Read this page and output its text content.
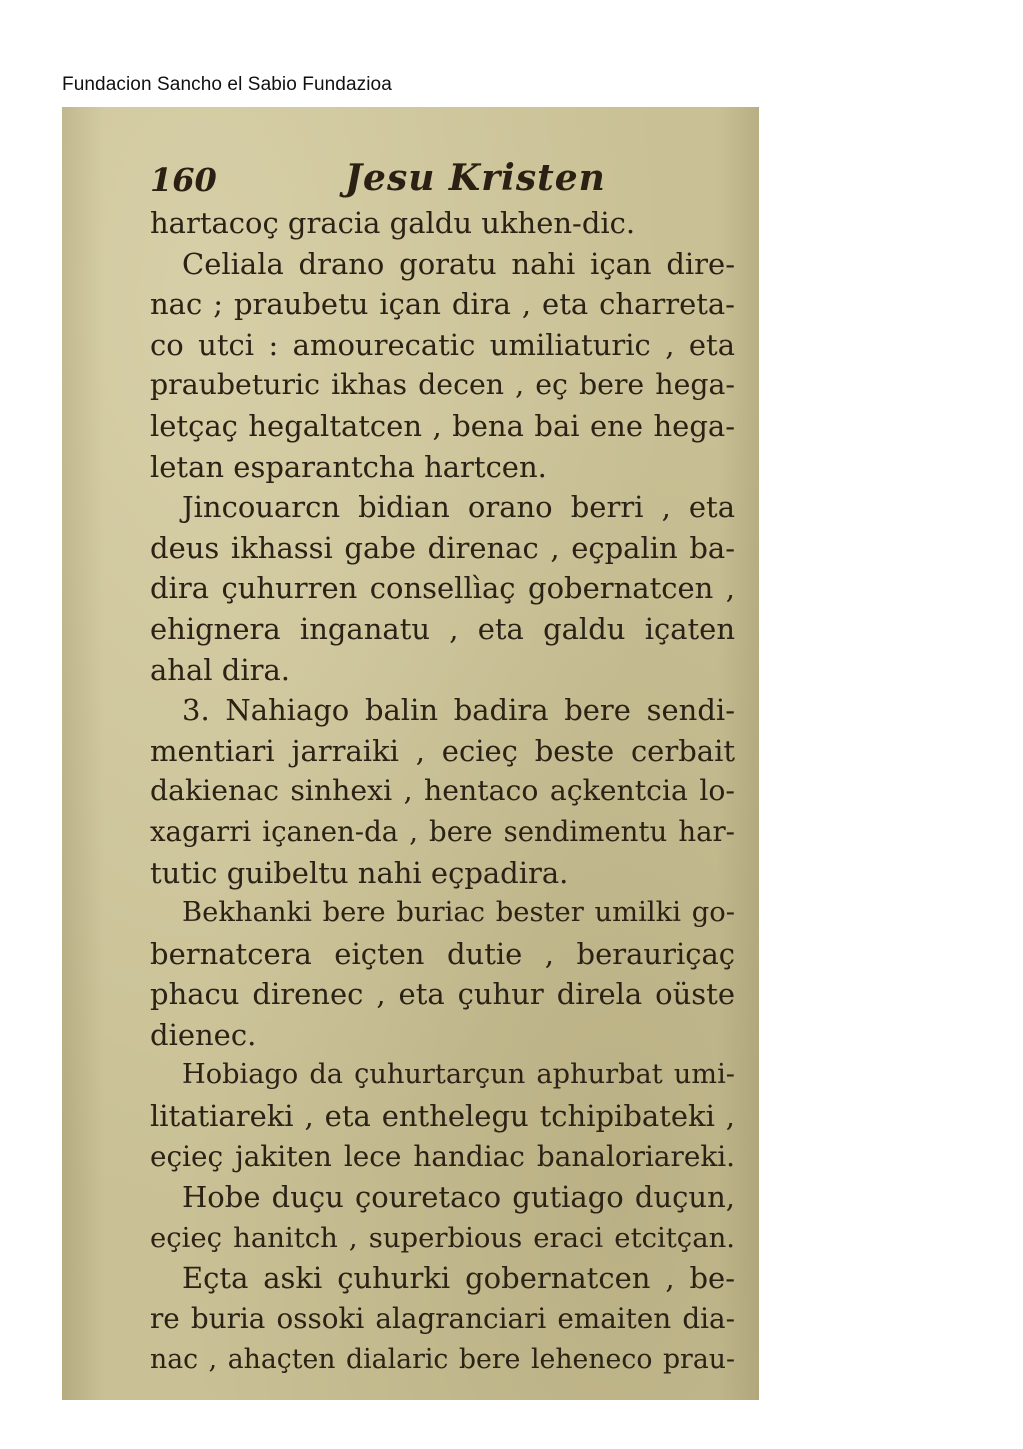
Fundacion Sancho el Sabio Fundazioa
160	Jesu Kristen
hartacoç gracia galdu ukhen-dic.
Celiala drano goratu nahi içan dire-
nac ; praubetu içan dira , eta charreta-
co utci : amourecatic umiliaturic , eta
praubeturic ikhas decen , eç bere hega-
letçaç hegaltatcen , bena bai ene hega-
letan esparantcha hartcen.
Jincouarcn bidian orano berri , eta
deus ikhassi gabe direnac , eçpalin ba-
dira çuhurren consellìaç gobernatcen ,
ehignera inganatu , eta galdu içaten
ahal dira.
3. Nahiago balin badira bere sendi-
mentiari jarraiki , ecieç beste cerbait
dakienac sinhexi , hentaco açkentcia lo-
xagarri içanen-da , bere sendimentu har-
tutic guibeltu nahi eçpadira.
Bekhanki bere buriac bester umilki go-
bernatcera eiçten dutie , berauriçaç
phacu direnec , eta çuhur direla oüste
dienec.
Hobiago da çuhurtarçun aphurbat umi-
litatiareki , eta enthelegu tchipibateki ,
eçieç jakiten lece handiac banaloriareki.
Hobe duçu çouretaco gutiago duçun,
eçieç hanitch , superbious eraci etcitçan.
Eçta aski çuhurki gobernatcen , be-
re buria ossoki alagranciari emaiten dia-
nac , ahaçten dialaric bere leheneco prau-
